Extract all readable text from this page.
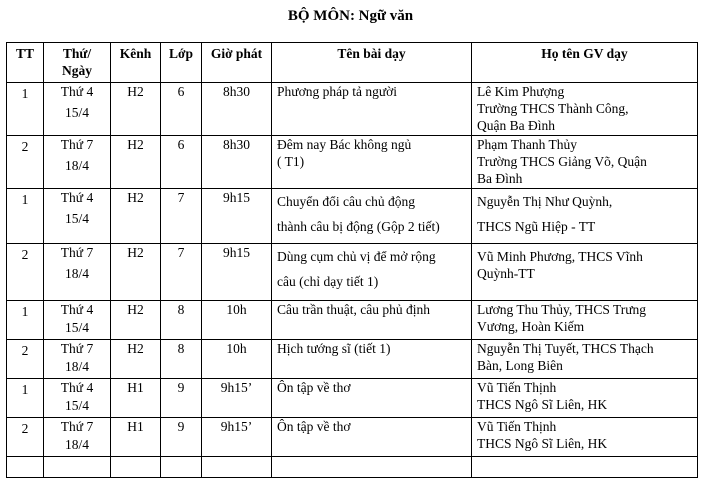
BỘ MÔN: Ngữ văn
TT	Thứ/ Ngày	Kênh	Lớp	Giờ phát	Tên bài dạy	Họ tên GV dạy
1	Thứ 4
15/4	H2	6	8h30	Phương pháp tả người	Lê Kim Phượng
Trường THCS Thành Công,
Quận Ba Đình

2	Thứ 7
18/4	H2	6	8h30	Đêm nay Bác không ngủ
( T1)	Phạm Thanh Thủy
Trường THCS Giảng Võ, Quận
Ba Đình

1	Thứ 4
15/4	H2	7	9h15	Chuyển đổi câu chủ động
thành câu bị động (Gộp 2 tiết)	Nguyễn Thị Như Quỳnh,
THCS Ngũ Hiệp - TT

2	Thứ 7
18/4	H2	7	9h15	Dùng cụm chủ vị để mở rộng
câu (chỉ dạy tiết 1)	Vũ Minh Phương, THCS Vĩnh
Quỳnh-TT

1	Thứ 4
15/4	H2	8	10h	Câu trần thuật, câu phủ định	Lương Thu Thủy, THCS Trưng
Vương, Hoàn Kiếm

2	Thứ 7
18/4	H2	8	10h	Hịch tướng sĩ (tiết 1)	Nguyễn Thị Tuyết, THCS Thạch
Bàn, Long Biên

1	Thứ 4
15/4	H1	9	9h15’	Ôn tập về thơ	Vũ Tiến Thịnh
THCS Ngô Sĩ Liên, HK

2	Thứ 7
18/4	H1	9	9h15’	Ôn tập về thơ	Vũ Tiến Thịnh
THCS Ngô Sĩ Liên, HK
